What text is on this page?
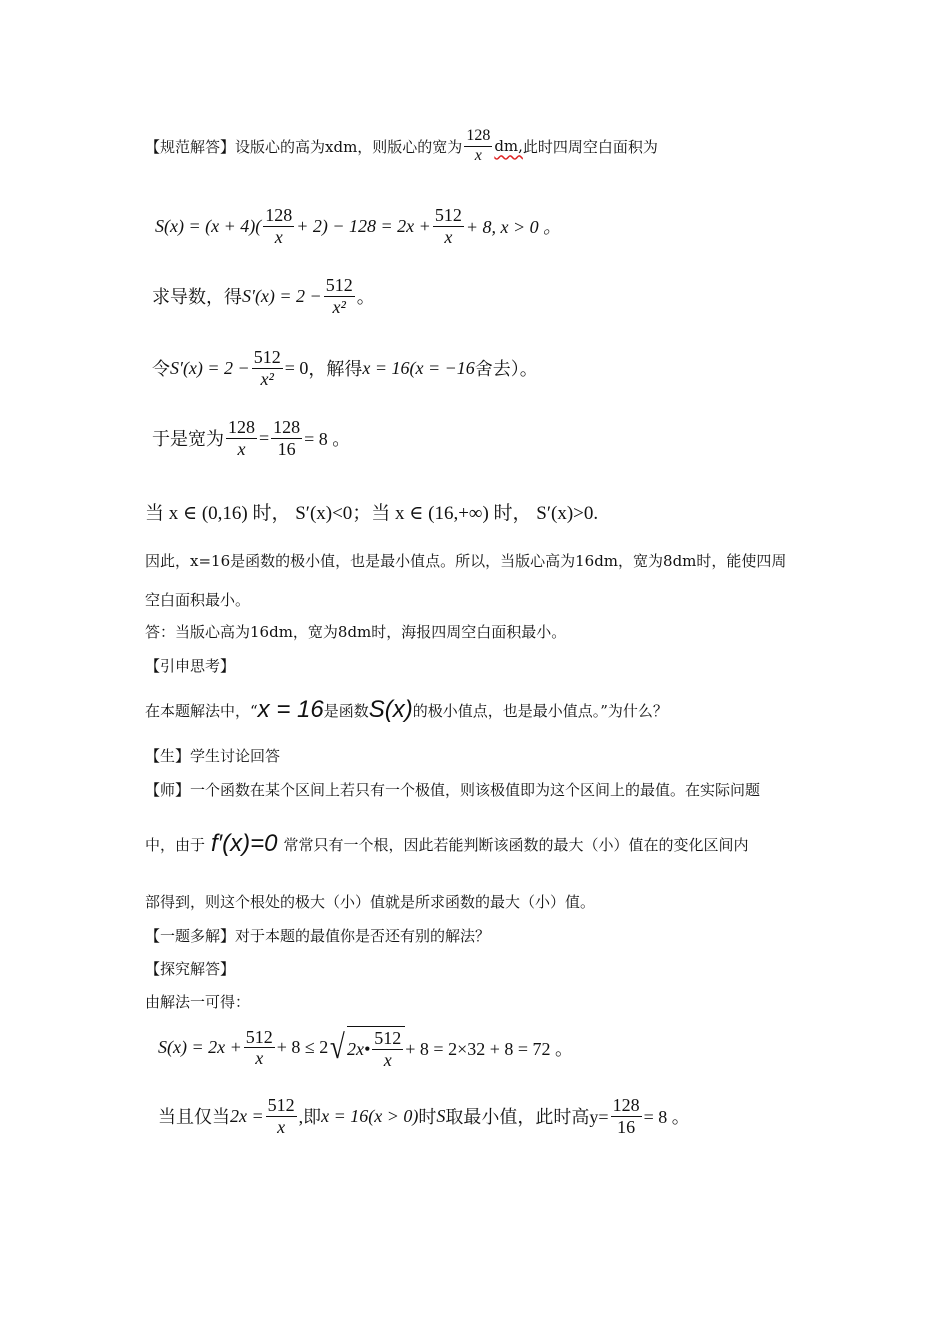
【规范解答】 设版心的高为xdm，则版心的宽为 $\frac{128}{x}$ dm, 此时四周空白面积为
$S(x) = (x + 4)( \frac{128}{x} + 2) - 128 = 2x + \frac{512}{x} + 8$, x > 0 。
求导数，得 $S'(x) = 2 - \frac{512}{\text{x²}}$ 。
令 $S'(x) = 2 - \frac{512}{\text{x²}} = 0$ ，解得 x = 16(x = −16 舍去）。
于是宽为 $\frac{128}{x} = \frac{128}{16} = 8$ 。
当 x ∈ (0,16) 时， S′(x)<0；当 x ∈ (16,+∞) 时， S′(x)>0.
因此，x=16是函数的极小值，也是最小值点。所以，当版心高为16dm，宽为8dm时，能使四周
空白面积最小。
答：当版心高为16dm，宽为8dm时，海报四周空白面积最小。
【引申思考】
在本题解法中，“ x = 16 是函数 S(x) 的极小值点，也是最小值点。”为什么？
【生】学生讨论回答
【师】一个函数在某个区间上若只有一个极值，则该极值即为这个区间上的最值。在实际问题
中，由于 f′(x)=0 常常只有一个根，因此若能判断该函数的最大（小）值在的变化区间内
部得到，则这个根处的极大（小）值就是所求函数的最大（小）值。
【一题多解】对于本题的最值你是否还有别的解法？
【探究解答】
由解法一可得：
$S(x) = 2x + \frac{512}{x} + 8 \le 2$ √ 2x• $\frac{512}{x} + 8 = 2\times 32 + 8 = 72$ 。
当且仅当 $2x = \frac{512}{x}$ ,即 x = 16(x > 0) 时 S 取最小值，此时高$y= \frac{128}{16} = 8$ 。
